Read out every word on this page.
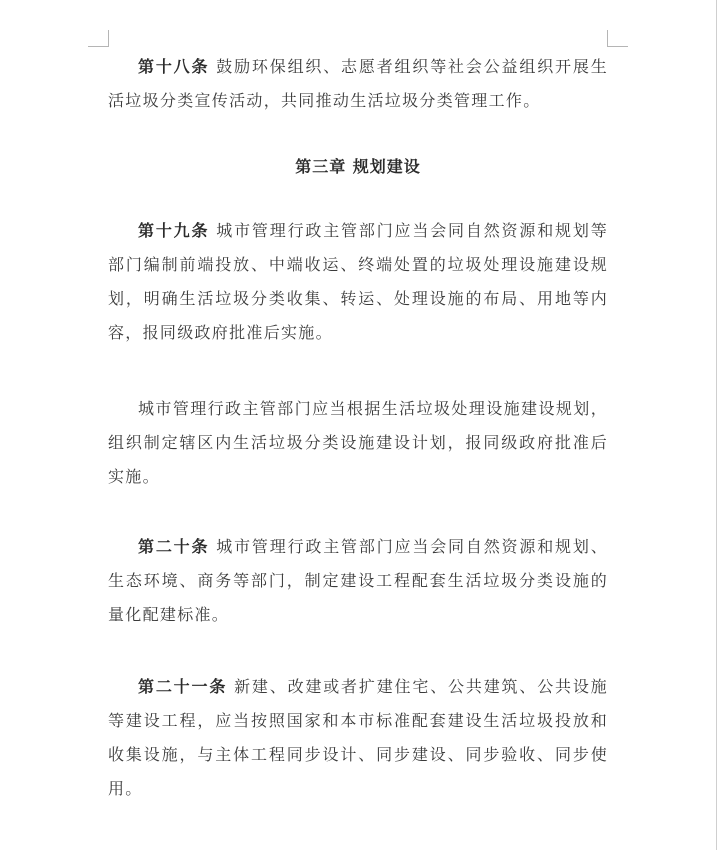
第十八条 鼓励环保组织、志愿者组织等社会公益组织开展生活垃圾分类宣传活动，共同推动生活垃圾分类管理工作。

第三章 规划建设

第十九条 城市管理行政主管部门应当会同自然资源和规划等部门编制前端投放、中端收运、终端处置的垃圾处理设施建设规划，明确生活垃圾分类收集、转运、处理设施的布局、用地等内容，报同级政府批准后实施。

城市管理行政主管部门应当根据生活垃圾处理设施建设规划，组织制定辖区内生活垃圾分类设施建设计划，报同级政府批准后实施。

第二十条 城市管理行政主管部门应当会同自然资源和规划、生态环境、商务等部门，制定建设工程配套生活垃圾分类设施的量化配建标准。

第二十一条 新建、改建或者扩建住宅、公共建筑、公共设施等建设工程，应当按照国家和本市标准配套建设生活垃圾投放和收集设施，与主体工程同步设计、同步建设、同步验收、同步使用。
